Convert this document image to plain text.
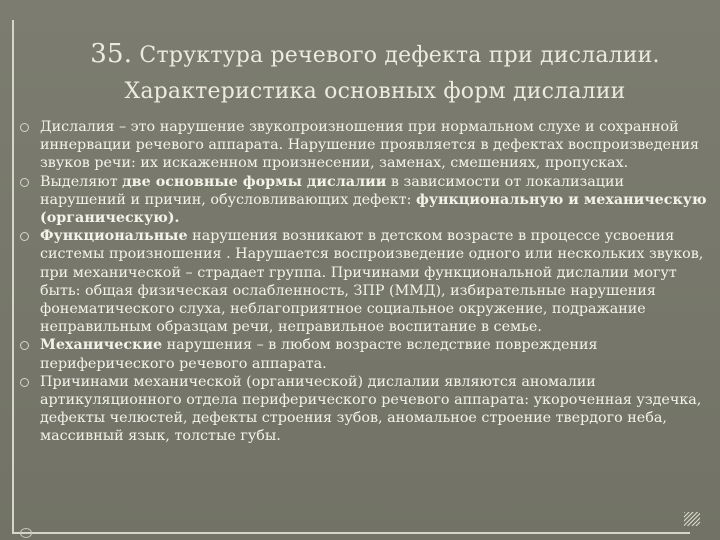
35. Структура речевого дефекта при дислалии.
Характеристика основных форм дислалии

Дислалия – это нарушение звукопроизношения при нормальном слухе и сохранной иннервации речевого аппарата. Нарушение проявляется в дефектах воспроизведения звуков речи: их искаженном произнесении, заменах, смешениях, пропусках.

Выделяют две основные формы дислалии в зависимости от локализации нарушений и причин, обусловливающих дефект: функциональную и механическую (органическую).

Функциональные нарушения возникают в детском возрасте в процессе усвоения системы произношения . Нарушается воспроизведение одного или нескольких звуков, при механической – страдает группа. Причинами функциональной дислалии могут быть: общая физическая ослабленность, ЗПР (ММД), избирательные нарушения фонематического слуха, неблагоприятное социальное окружение, подражание неправильным образцам речи, неправильное воспитание в семье.

Механические нарушения – в любом возрасте вследствие повреждения периферического речевого аппарата.

Причинами механической (органической) дислалии являются аномалии артикуляционного отдела периферического речевого аппарата: укороченная уздечка, дефекты челюстей, дефекты строения зубов, аномальное строение твердого неба, массивный язык, толстые губы.
